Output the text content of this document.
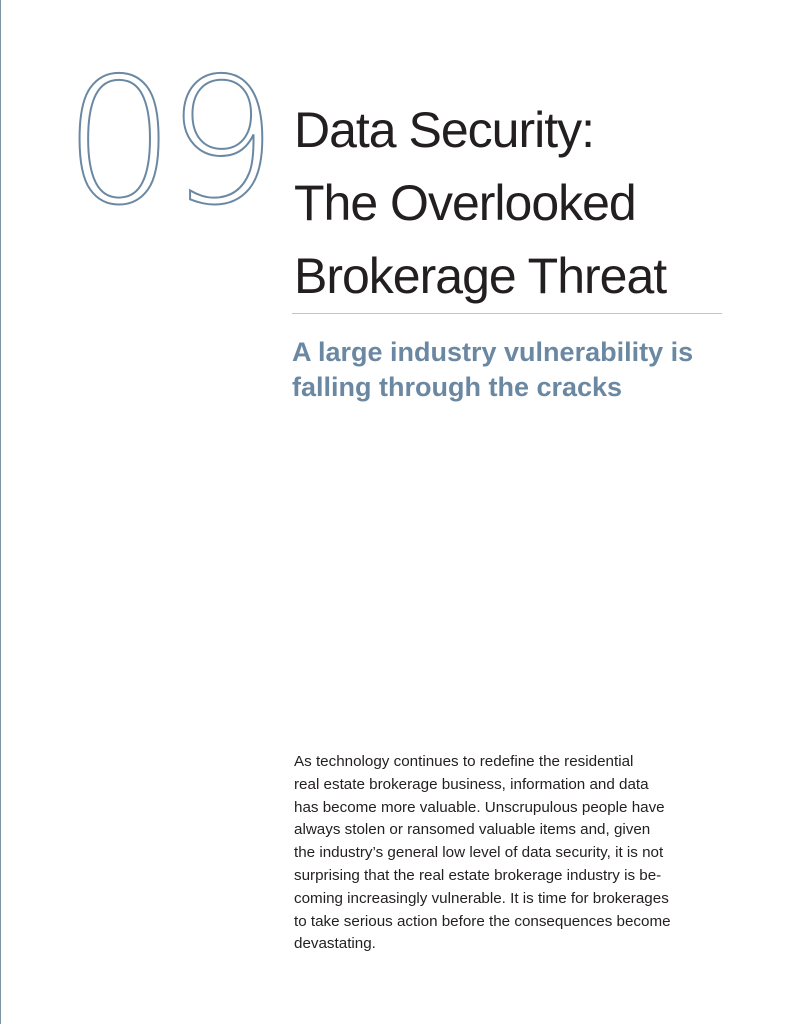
09 Data Security:
The Overlooked
Brokerage Threat
A large industry vulnerability is
falling through the cracks

As technology continues to redefine the residential
real estate brokerage business, information and data
has become more valuable. Unscrupulous people have
always stolen or ransomed valuable items and, given
the industry’s general low level of data security, it is not
surprising that the real estate brokerage industry is be-
coming increasingly vulnerable. It is time for brokerages
to take serious action before the consequences become
devastating.
